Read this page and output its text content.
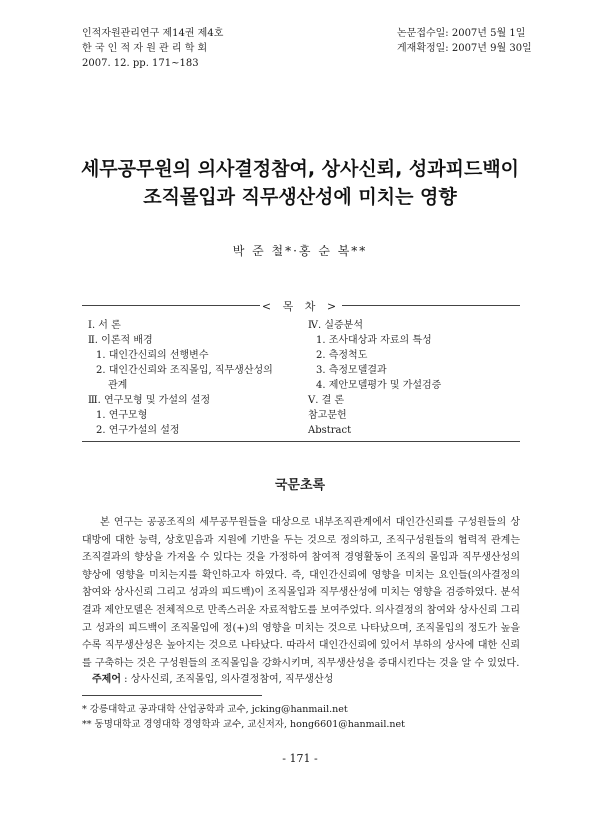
인적자원관리연구 제14권 제4호
한 국 인 적 자 원 관 리 학 회
2007. 12. pp. 171~183
논문접수일: 2007년 5월 1일
게재확정일: 2007년 9월 30일
세무공무원의 의사결정참여, 상사신뢰, 성과피드백이
조직몰입과 직무생산성에 미치는 영향
박 준 철*·홍 순 복**
< 목 차 >
Ⅰ. 서 론
Ⅱ. 이론적 배경
1. 대인간신뢰의 선행변수
2. 대인간신뢰와 조직몰입, 직무생산성의
관계
Ⅲ. 연구모형 및 가설의 설정
1. 연구모형
2. 연구가설의 설정
Ⅳ. 실증분석
1. 조사대상과 자료의 특성
2. 측정척도
3. 측정모델결과
4. 제안모델평가 및 가설검증
Ⅴ. 결 론
참고문헌
Abstract
국문초록
본 연구는 공공조직의 세무공무원들을 대상으로 내부조직관계에서 대인간신뢰를 구성원들의 상대방에 대한 능력, 상호믿음과 지원에 기반을 두는 것으로 정의하고, 조직구성원들의 협력적 관계는 조직결과의 향상을 가져올 수 있다는 것을 가정하여 참여적 경영활동이 조직의 몰입과 직무생산성의 향상에 영향을 미치는지를 확인하고자 하였다. 즉, 대인간신뢰에 영향을 미치는 요인들(의사결정의 참여와 상사신뢰 그리고 성과의 피드백)이 조직몰입과 직무생산성에 미치는 영향을 검증하였다. 분석결과 제안모델은 전체적으로 만족스러운 자료적합도를 보여주었다. 의사결정의 참여와 상사신뢰 그리고 성과의 피드백이 조직몰입에 정(+)의 영향을 미치는 것으로 나타났으며, 조직몰입의 정도가 높을수록 직무생산성은 높아지는 것으로 나타났다. 따라서 대인간신뢰에 있어서 부하의 상사에 대한 신뢰를 구축하는 것은 구성원들의 조직몰입을 강화시키며, 직무생산성을 증대시킨다는 것을 알 수 있었다.
주제어 : 상사신뢰, 조직몰입, 의사결정참여, 직무생산성
* 강릉대학교 공과대학 산업공학과 교수, jcking@hanmail.net
** 동명대학교 경영대학 경영학과 교수, 교신저자, hong6601@hanmail.net
- 171 -
